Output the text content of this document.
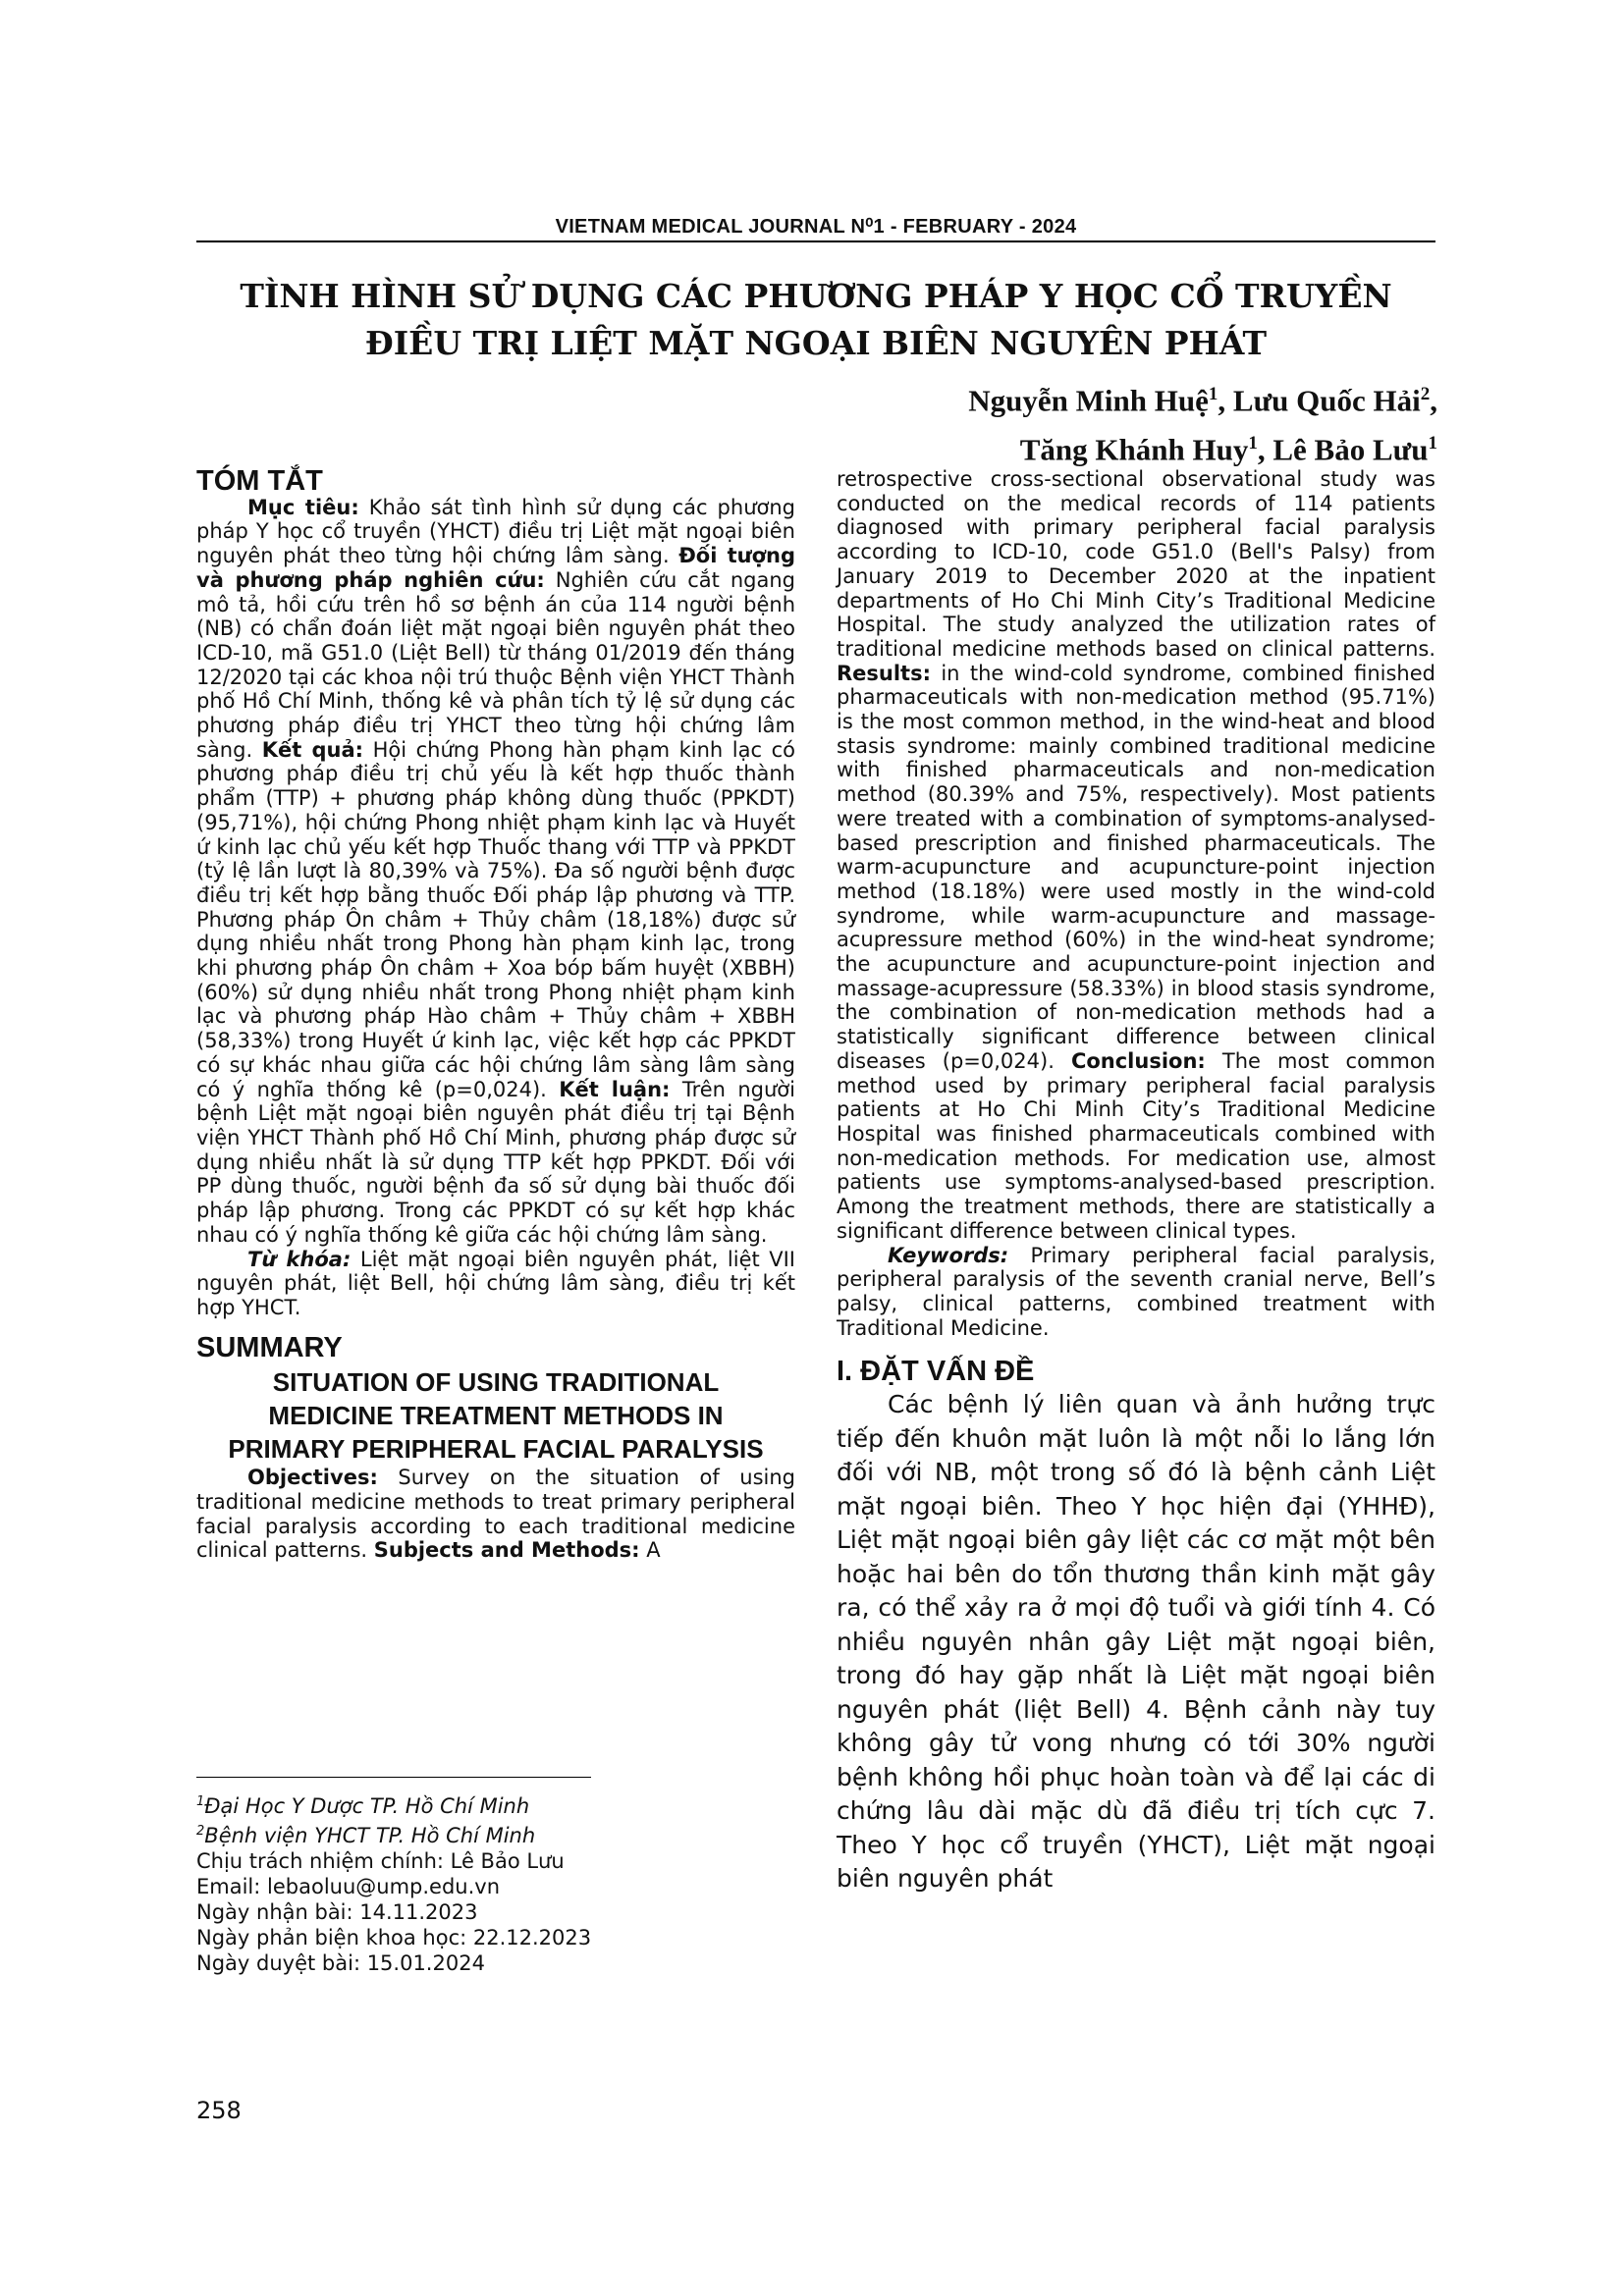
VIETNAM MEDICAL JOURNAL N⁰1 - FEBRUARY - 2024
TÌNH HÌNH SỬ DỤNG CÁC PHƯƠNG PHÁP Y HỌC CỔ TRUYỀN
ĐIỀU TRỊ LIỆT MẶT NGOẠI BIÊN NGUYÊN PHÁT
Nguyễn Minh Huệ$^1$, Lưu Quốc Hải$^2$,
Tăng Khánh Huy$^1$, Lê Bảo Lưu$^1$
TÓM TẮT

Mục tiêu: Khảo sát tình hình sử dụng các phương pháp Y học cổ truyền (YHCT) điều trị Liệt mặt ngoại biên nguyên phát theo từng hội chứng lâm sàng. Đối tượng và phương pháp nghiên cứu: Nghiên cứu cắt ngang mô tả, hồi cứu trên hồ sơ bệnh án của 114 người bệnh (NB) có chẩn đoán liệt mặt ngoại biên nguyên phát theo ICD-10, mã G51.0 (Liệt Bell) từ tháng 01/2019 đến tháng 12/2020 tại các khoa nội trú thuộc Bệnh viện YHCT Thành phố Hồ Chí Minh, thống kê và phân tích tỷ lệ sử dụng các phương pháp điều trị YHCT theo từng hội chứng lâm sàng. Kết quả: Hội chứng Phong hàn phạm kinh lạc có phương pháp điều trị chủ yếu là kết hợp thuốc thành phẩm (TTP) + phương pháp không dùng thuốc (PPKDT) (95,71%), hội chứng Phong nhiệt phạm kinh lạc và Huyết ứ kinh lạc chủ yếu kết hợp Thuốc thang với TTP và PPKDT (tỷ lệ lần lượt là 80,39% và 75%). Đa số người bệnh được điều trị kết hợp bằng thuốc Đối pháp lập phương và TTP. Phương pháp Ôn châm + Thủy châm (18,18%) được sử dụng nhiều nhất trong Phong hàn phạm kinh lạc, trong khi phương pháp Ôn châm + Xoa bóp bấm huyệt (XBBH) (60%) sử dụng nhiều nhất trong Phong nhiệt phạm kinh lạc và phương pháp Hào châm + Thủy châm + XBBH (58,33%) trong Huyết ứ kinh lạc, việc kết hợp các PPKDT có sự khác nhau giữa các hội chứng lâm sàng lâm sàng có ý nghĩa thống kê (p=0,024). Kết luận: Trên người bệnh Liệt mặt ngoại biên nguyên phát điều trị tại Bệnh viện YHCT Thành phố Hồ Chí Minh, phương pháp được sử dụng nhiều nhất là sử dụng TTP kết hợp PPKDT. Đối với PP dùng thuốc, người bệnh đa số sử dụng bài thuốc đối pháp lập phương. Trong các PPKDT có sự kết hợp khác nhau có ý nghĩa thống kê giữa các hội chứng lâm sàng.

Từ khóa: Liệt mặt ngoại biên nguyên phát, liệt VII nguyên phát, liệt Bell, hội chứng lâm sàng, điều trị kết hợp YHCT.

SUMMARY
SITUATION OF USING TRADITIONAL
MEDICINE TREATMENT METHODS IN
PRIMARY PERIPHERAL FACIAL PARALYSIS

Objectives: Survey on the situation of using traditional medicine methods to treat primary peripheral facial paralysis according to each traditional medicine clinical patterns. Subjects and Methods: A

$^1$Đại Học Y Dược TP. Hồ Chí Minh
$^2$Bệnh viện YHCT TP. Hồ Chí Minh
Chịu trách nhiệm chính: Lê Bảo Lưu
Email: lebaoluu@ump.edu.vn
Ngày nhận bài: 14.11.2023
Ngày phản biện khoa học: 22.12.2023
Ngày duyệt bài: 15.01.2024
258

retrospective cross-sectional observational study was conducted on the medical records of 114 patients diagnosed with primary peripheral facial paralysis according to ICD-10, code G51.0 (Bell's Palsy) from January 2019 to December 2020 at the inpatient departments of Ho Chi Minh City’s Traditional Medicine Hospital. The study analyzed the utilization rates of traditional medicine methods based on clinical patterns. Results: in the wind-cold syndrome, combined finished pharmaceuticals with non-medication method (95.71%) is the most common method, in the wind-heat and blood stasis syndrome: mainly combined traditional medicine with finished pharmaceuticals and non-medication method (80.39% and 75%, respectively). Most patients were treated with a combination of symptoms-analysed-based prescription and finished pharmaceuticals. The warm-acupuncture and acupuncture-point injection method (18.18%) were used mostly in the wind-cold syndrome, while warm-acupuncture and massage-acupressure method (60%) in the wind-heat syndrome; the acupuncture and acupuncture-point injection and massage-acupressure (58.33%) in blood stasis syndrome, the combination of non-medication methods had a statistically significant difference between clinical diseases (p=0,024). Conclusion: The most common method used by primary peripheral facial paralysis patients at Ho Chi Minh City’s Traditional Medicine Hospital was finished pharmaceuticals combined with non-medication methods. For medication use, almost patients use symptoms-analysed-based prescription. Among the treatment methods, there are statistically a significant difference between clinical types.

Keywords: Primary peripheral facial paralysis, peripheral paralysis of the seventh cranial nerve, Bell’s palsy, clinical patterns, combined treatment with Traditional Medicine.

I. ĐẶT VẤN ĐỀ

Các bệnh lý liên quan và ảnh hưởng trực tiếp đến khuôn mặt luôn là một nỗi lo lắng lớn đối với NB, một trong số đó là bệnh cảnh Liệt mặt ngoại biên. Theo Y học hiện đại (YHHĐ), Liệt mặt ngoại biên gây liệt các cơ mặt một bên hoặc hai bên do tổn thương thần kinh mặt gây ra, có thể xảy ra ở mọi độ tuổi và giới tính 4. Có nhiều nguyên nhân gây Liệt mặt ngoại biên, trong đó hay gặp nhất là Liệt mặt ngoại biên nguyên phát (liệt Bell) 4. Bệnh cảnh này tuy không gây tử vong nhưng có tới 30% người bệnh không hồi phục hoàn toàn và để lại các di chứng lâu dài mặc dù đã điều trị tích cực 7. Theo Y học cổ truyền (YHCT), Liệt mặt ngoại biên nguyên phát
